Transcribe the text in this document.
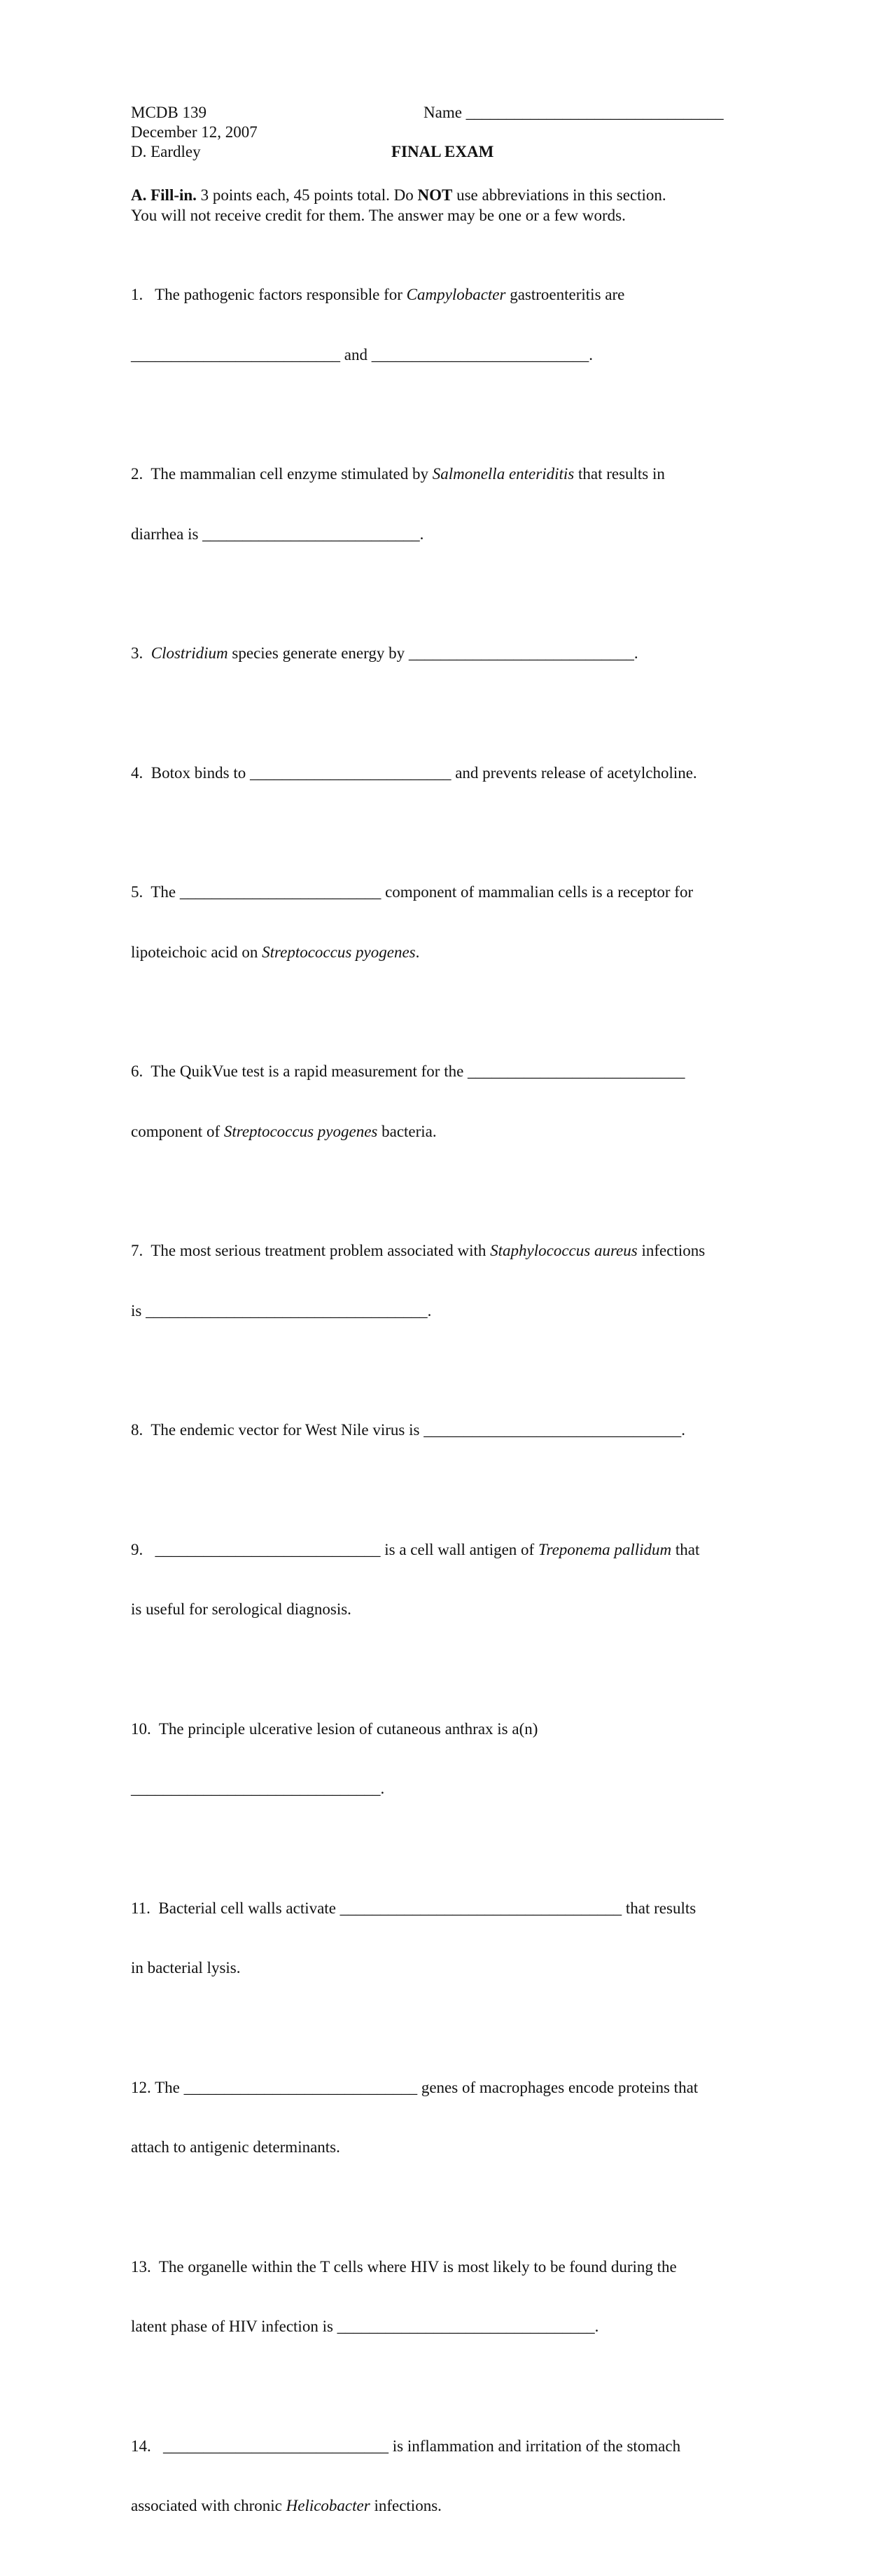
MCDB 139
December 12, 2007
D. Eardley
Name ________________________________
FINAL EXAM
A. Fill-in. 3 points each, 45 points total. Do NOT use abbreviations in this section.
You will not receive credit for them. The answer may be one or a few words.

1.   The pathogenic factors responsible for Campylobacter gastroenteritis are

__________________________ and ___________________________.

2.  The mammalian cell enzyme stimulated by Salmonella enteriditis that results in

diarrhea is ___________________________.

3.  Clostridium species generate energy by ____________________________.

4.  Botox binds to _________________________ and prevents release of acetylcholine.

5.  The _________________________ component of mammalian cells is a receptor for

lipoteichoic acid on Streptococcus pyogenes.

6.  The QuikVue test is a rapid measurement for the ___________________________

component of Streptococcus pyogenes bacteria.

7.  The most serious treatment problem associated with Staphylococcus aureus infections

is ___________________________________.

8.  The endemic vector for West Nile virus is ________________________________.

9.   ____________________________ is a cell wall antigen of Treponema pallidum that

is useful for serological diagnosis.

10.  The principle ulcerative lesion of cutaneous anthrax is a(n)

_______________________________.

11.  Bacterial cell walls activate ___________________________________ that results

in bacterial lysis.

12. The _____________________________ genes of macrophages encode proteins that

attach to antigenic determinants.

13.  The organelle within the T cells where HIV is most likely to be found during the

latent phase of HIV infection is ________________________________.

14.   ____________________________ is inflammation and irritation of the stomach

associated with chronic Helicobacter infections.
